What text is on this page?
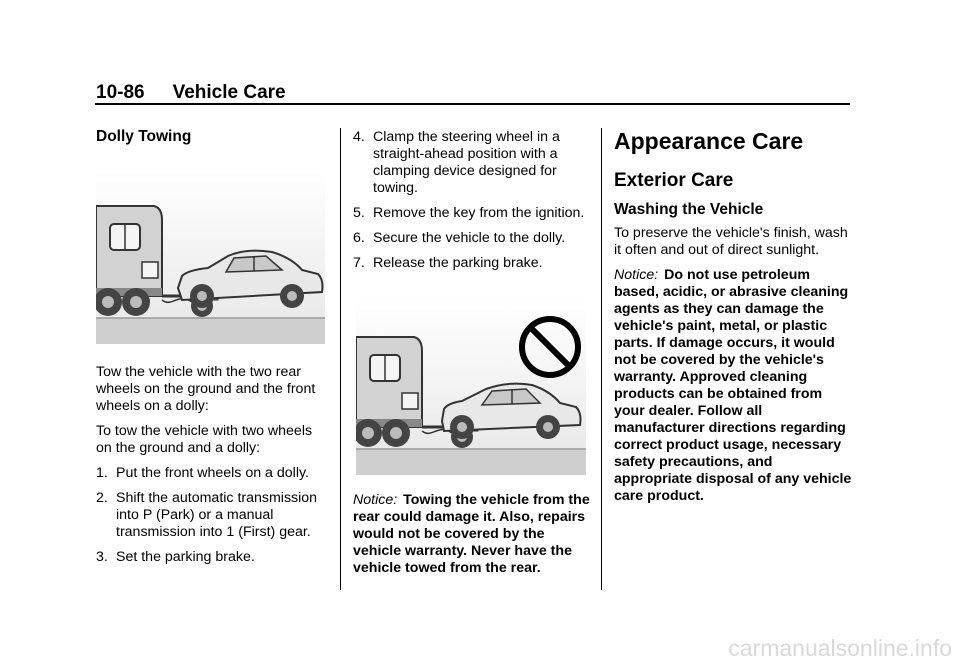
10-86 Vehicle Care
Dolly Towing

Tow the vehicle with the two rear wheels on the ground and the front wheels on a dolly:

To tow the vehicle with two wheels on the ground and a dolly:

1. Put the front wheels on a dolly.
2. Shift the automatic transmission into P (Park) or a manual transmission into 1 (First) gear.
3. Set the parking brake.
4. Clamp the steering wheel in a straight-ahead position with a clamping device designed for towing.
5. Remove the key from the ignition.
6. Secure the vehicle to the dolly.
7. Release the parking brake.

Notice: Towing the vehicle from the rear could damage it. Also, repairs would not be covered by the vehicle warranty. Never have the vehicle towed from the rear.

Appearance Care
Exterior Care
Washing the Vehicle

To preserve the vehicle's finish, wash it often and out of direct sunlight.

Notice: Do not use petroleum based, acidic, or abrasive cleaning agents as they can damage the vehicle's paint, metal, or plastic parts. If damage occurs, it would not be covered by the vehicle's warranty. Approved cleaning products can be obtained from your dealer. Follow all manufacturer directions regarding correct product usage, necessary safety precautions, and appropriate disposal of any vehicle care product.

carmanualsonline.info
